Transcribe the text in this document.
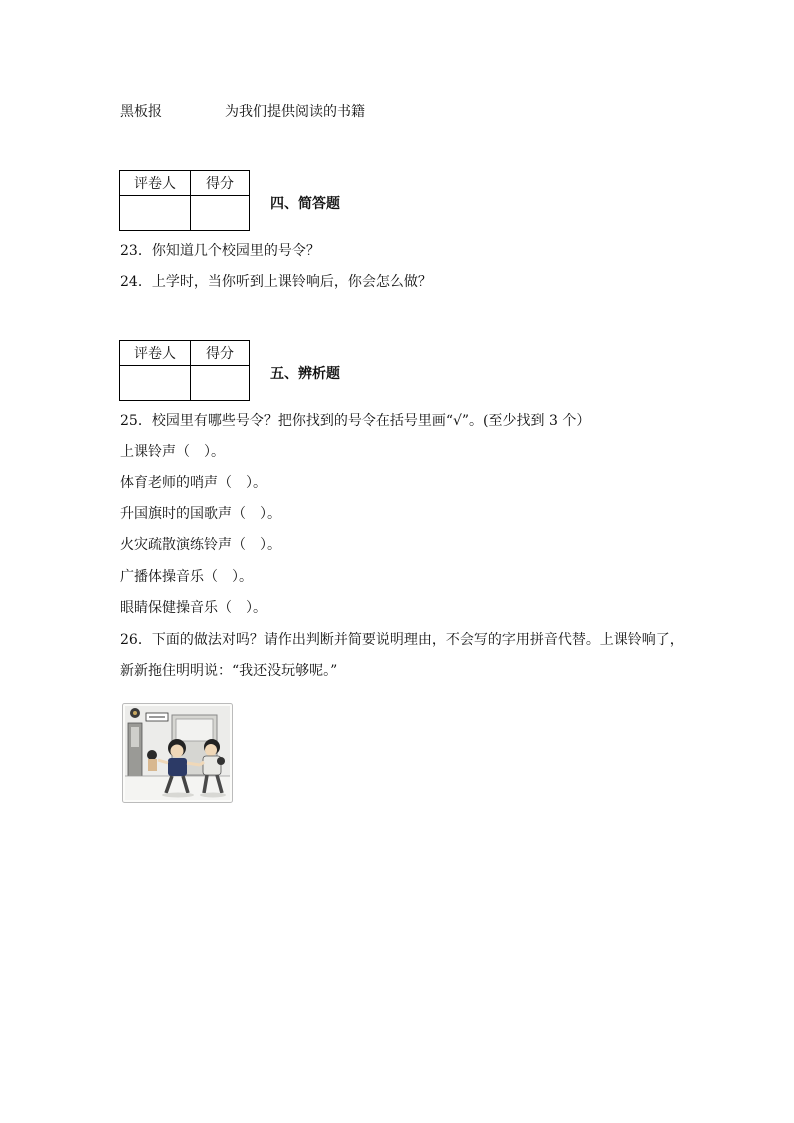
黑板报	为我们提供阅读的书籍
评卷人	得分

四、简答题
23．你知道几个校园里的号令？
24．上学时，当你听到上课铃响后，你会怎么做？
评卷人	得分

五、辨析题
25．校园里有哪些号令？把你找到的号令在括号里画“√”。(至少找到 3 个）
上课铃声（　）。
体育老师的哨声（　）。
升国旗时的国歌声（　）。
火灾疏散演练铃声（　）。
广播体操音乐（　）。
眼睛保健操音乐（　）。
26．下面的做法对吗？请作出判断并简要说明理由，不会写的字用拼音代替。上课铃响了，
新新拖住明明说：“我还没玩够呢。”
